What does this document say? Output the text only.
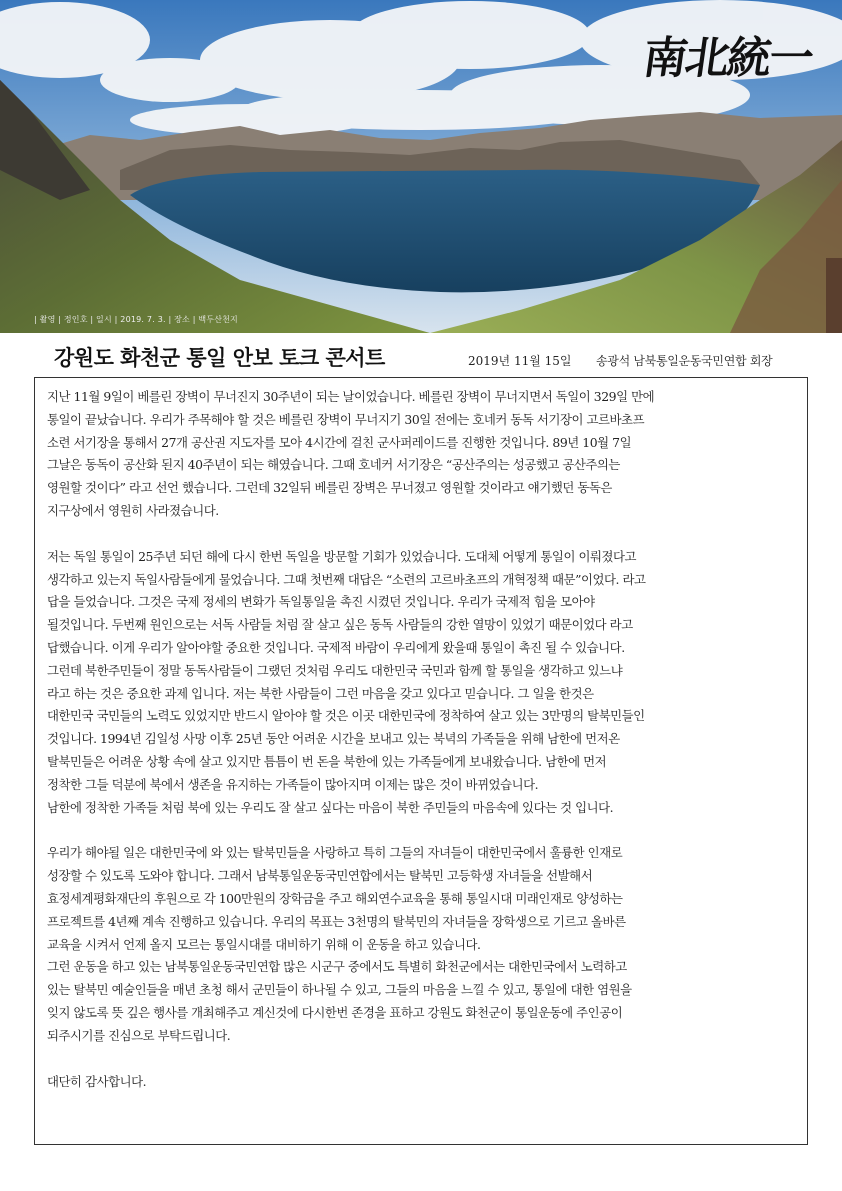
南北統一
| 촬영 | 정인호 | 일시 | 2019. 7. 3. | 장소 | 백두산천지
강원도 화천군 통일 안보 토크 콘서트	2019년 11월 15일 송광석 남북통일운동국민연합 회장

지난 11월 9일이 베를린 장벽이 무너진지 30주년이 되는 날이었습니다. 베를린 장벽이 무너지면서 독일이 329일 만에
통일이 끝났습니다. 우리가 주목해야 할 것은 베를린 장벽이 무너지기 30일 전에는 호네커 동독 서기장이 고르바초프
소련 서기장을 통해서 27개 공산권 지도자를 모아 4시간에 걸친 군사퍼레이드를 진행한 것입니다. 89년 10월 7일
그날은 동독이 공산화 된지 40주년이 되는 해였습니다. 그때 호네커 서기장은 “공산주의는 성공했고 공산주의는
영원할 것이다” 라고 선언 했습니다. 그런데 32일뒤 베를린 장벽은 무너졌고 영원할 것이라고 얘기했던 동독은
지구상에서 영원히 사라졌습니다.

저는 독일 통일이 25주년 되던 해에 다시 한번 독일을 방문할 기회가 있었습니다. 도대체 어떻게 통일이 이뤄졌다고
생각하고 있는지 독일사람들에게 물었습니다. 그때 첫번째 대답은 “소련의 고르바초프의 개혁정책 때문”이었다. 라고
답을 들었습니다. 그것은 국제 정세의 변화가 독일통일을 촉진 시켰던 것입니다. 우리가 국제적 힘을 모아야
될것입니다. 두번째 원인으로는 서독 사람들 처럼 잘 살고 싶은 동독 사람들의 강한 열망이 있었기 때문이었다 라고
답했습니다. 이게 우리가 알아야할 중요한 것입니다. 국제적 바람이 우리에게 왔을때 통일이 촉진 될 수 있습니다.
그런데 북한주민들이 정말 동독사람들이 그랬던 것처럼 우리도 대한민국 국민과 함께 할 통일을 생각하고 있느냐
라고 하는 것은 중요한 과제 입니다. 저는 북한 사람들이 그런 마음을 갖고 있다고 믿습니다. 그 일을 한것은
대한민국 국민들의 노력도 있었지만 반드시 알아야 할 것은 이곳 대한민국에 정착하여 살고 있는 3만명의 탈북민들인
것입니다. 1994년 김일성 사망 이후 25년 동안 어려운 시간을 보내고 있는 북녁의 가족들을 위해 남한에 먼저온
탈북민들은 어려운 상황 속에 살고 있지만 틈틈이 번 돈을 북한에 있는 가족들에게 보내왔습니다. 남한에 먼저
정착한 그들 덕분에 북에서 생존을 유지하는 가족들이 많아지며 이제는 많은 것이 바뀌었습니다.
남한에 정착한 가족들 처럼 북에 있는 우리도 잘 살고 싶다는 마음이 북한 주민들의 마음속에 있다는 것 입니다.

우리가 해야될 일은 대한민국에 와 있는 탈북민들을 사랑하고 특히 그들의 자녀들이 대한민국에서 훌륭한 인재로
성장할 수 있도록 도와야 합니다. 그래서 남북통일운동국민연합에서는 탈북민 고등학생 자녀들을 선발해서
효정세계평화재단의 후원으로 각 100만원의 장학금을 주고 해외연수교육을 통해 통일시대 미래인재로 양성하는
프로젝트를 4년째 계속 진행하고 있습니다. 우리의 목표는 3천명의 탈북민의 자녀들을 장학생으로 기르고 올바른
교육을 시켜서 언제 올지 모르는 통일시대를 대비하기 위해 이 운동을 하고 있습니다.
그런 운동을 하고 있는 남북통일운동국민연합 많은 시군구 중에서도 특별히 화천군에서는 대한민국에서 노력하고
있는 탈북민 예술인들을 매년 초청 해서 군민들이 하나될 수 있고, 그들의 마음을 느낄 수 있고, 통일에 대한 염원을
잊지 않도록 뜻 깊은 행사를 개최해주고 계신것에 다시한번 존경을 표하고 강원도 화천군이 통일운동에 주인공이
되주시기를 진심으로 부탁드립니다.

대단히 감사합니다.
